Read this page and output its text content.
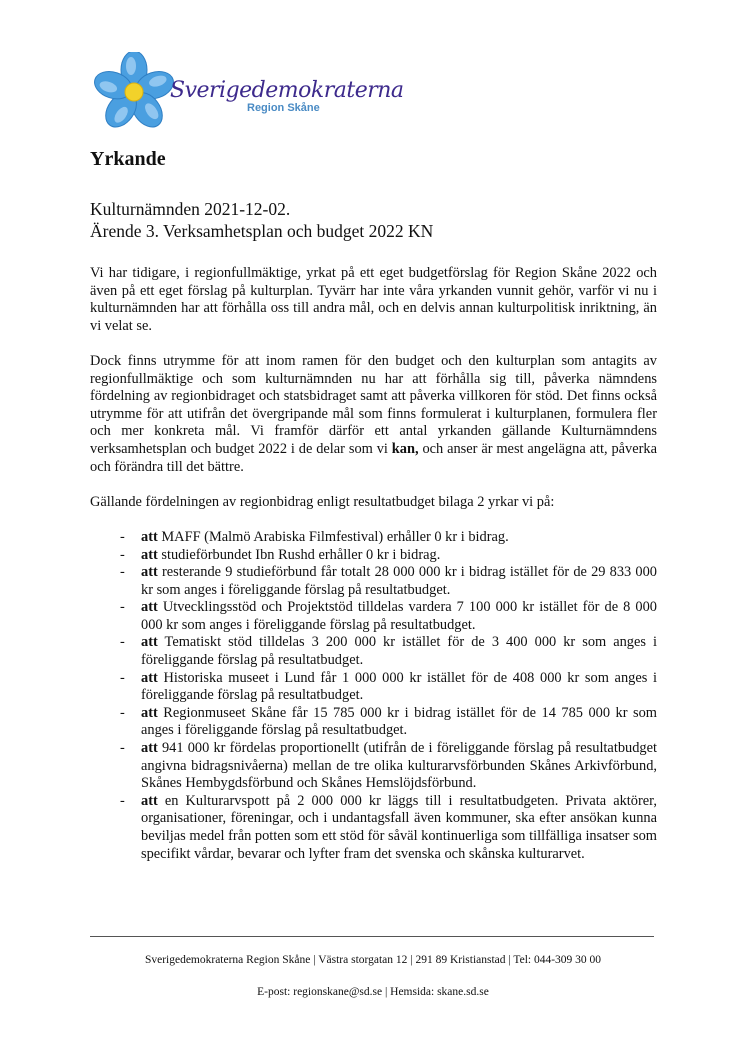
Sverigedemokraterna
Region Skåne
Yrkande
Kulturnämnden 2021-12-02.
Ärende 3. Verksamhetsplan och budget 2022 KN

Vi har tidigare, i regionfullmäktige, yrkat på ett eget budgetförslag för Region Skåne 2022 och även på ett eget förslag på kulturplan. Tyvärr har inte våra yrkanden vunnit gehör, varför vi nu i kulturnämnden har att förhålla oss till andra mål, och en delvis annan kulturpolitisk inriktning, än vi velat se.

Dock finns utrymme för att inom ramen för den budget och den kulturplan som antagits av regionfullmäktige och som kulturnämnden nu har att förhålla sig till, påverka nämndens fördelning av regionbidraget och statsbidraget samt att påverka villkoren för stöd. Det finns också utrymme för att utifrån det övergripande mål som finns formulerat i kulturplanen, formulera fler och mer konkreta mål. Vi framför därför ett antal yrkanden gällande Kulturnämndens verksamhetsplan och budget 2022 i de delar som vi kan, och anser är mest angelägna att, påverka och förändra till det bättre.

Gällande fördelningen av regionbidrag enligt resultatbudget bilaga 2 yrkar vi på:

- att MAFF (Malmö Arabiska Filmfestival) erhåller 0 kr i bidrag.
- att studieförbundet Ibn Rushd erhåller 0 kr i bidrag.
- att resterande 9 studieförbund får totalt 28 000 000 kr i bidrag istället för de 29 833 000 kr som anges i föreliggande förslag på resultatbudget.
- att Utvecklingsstöd och Projektstöd tilldelas vardera 7 100 000 kr istället för de 8 000 000 kr som anges i föreliggande förslag på resultatbudget.
- att Tematiskt stöd tilldelas 3 200 000 kr istället för de 3 400 000 kr som anges i föreliggande förslag på resultatbudget.
- att Historiska museet i Lund får 1 000 000 kr istället för de 408 000 kr som anges i föreliggande förslag på resultatbudget.
- att Regionmuseet Skåne får 15 785 000 kr i bidrag istället för de 14 785 000 kr som anges i föreliggande förslag på resultatbudget.
- att 941 000 kr fördelas proportionellt (utifrån de i föreliggande förslag på resultatbudget angivna bidragsnivåerna) mellan de tre olika kulturarvsförbunden Skånes Arkivförbund, Skånes Hembygdsförbund och Skånes Hemslöjdsförbund.
- att en Kulturarvspott på 2 000 000 kr läggs till i resultatbudgeten. Privata aktörer, organisationer, föreningar, och i undantagsfall även kommuner, ska efter ansökan kunna beviljas medel från potten som ett stöd för såväl kontinuerliga som tillfälliga insatser som specifikt vårdar, bevarar och lyfter fram det svenska och skånska kulturarvet.
Sverigedemokraterna Region Skåne | Västra storgatan 12 | 291 89 Kristianstad | Tel: 044-309 30 00
E-post: regionskane@sd.se | Hemsida: skane.sd.se
